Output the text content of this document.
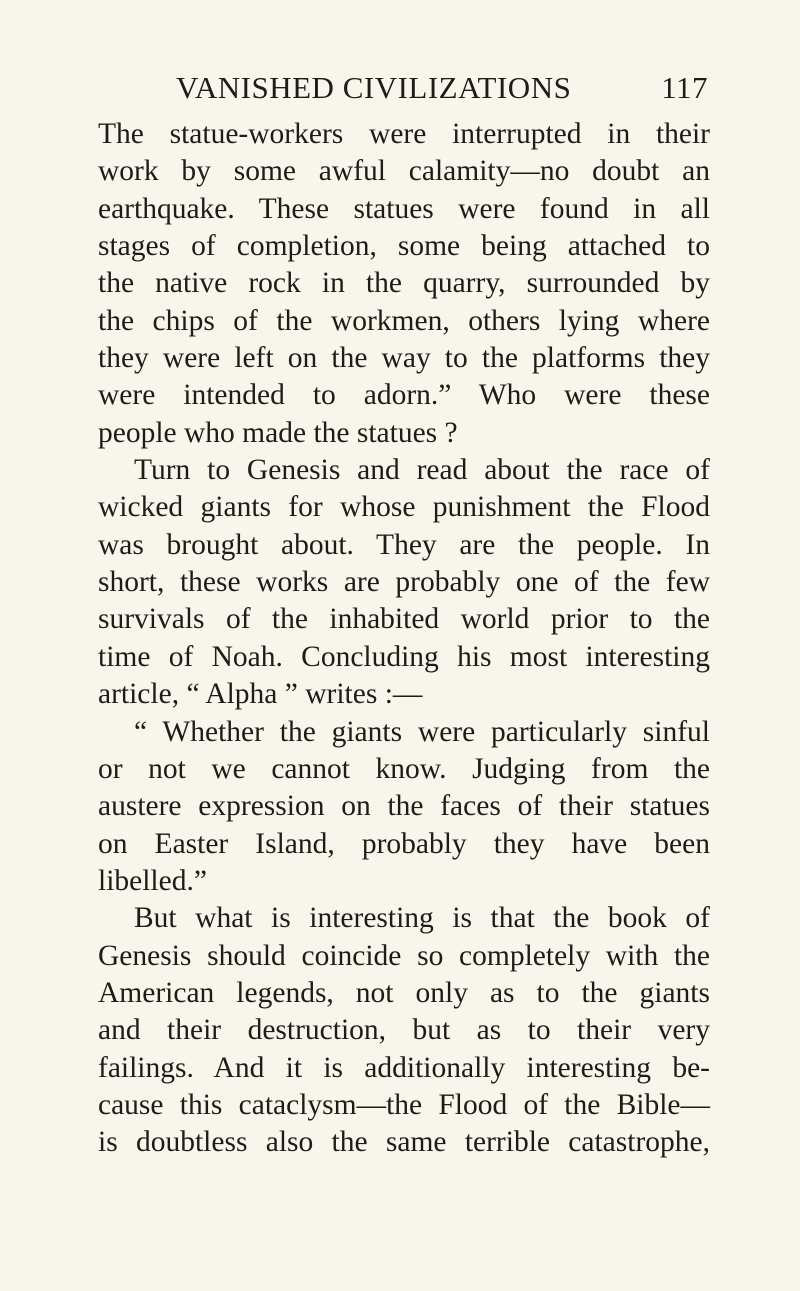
VANISHED CIVILIZATIONS	117
The statue-workers were interrupted in their
work by some awful calamity—no doubt an
earthquake. These statues were found in all
stages of completion, some being attached to
the native rock in the quarry, surrounded by
the chips of the workmen, others lying where
they were left on the way to the platforms they
were intended to adorn.” Who were these
people who made the statues ?
Turn to Genesis and read about the race of
wicked giants for whose punishment the Flood
was brought about. They are the people. In
short, these works are probably one of the few
survivals of the inhabited world prior to the
time of Noah. Concluding his most interesting
article, “ Alpha ” writes :—
“ Whether the giants were particularly sinful
or not we cannot know. Judging from the
austere expression on the faces of their statues
on Easter Island, probably they have been
libelled.”
But what is interesting is that the book of
Genesis should coincide so completely with the
American legends, not only as to the giants
and their destruction, but as to their very
failings. And it is additionally interesting be-
cause this cataclysm—the Flood of the Bible—
is doubtless also the same terrible catastrophe,
